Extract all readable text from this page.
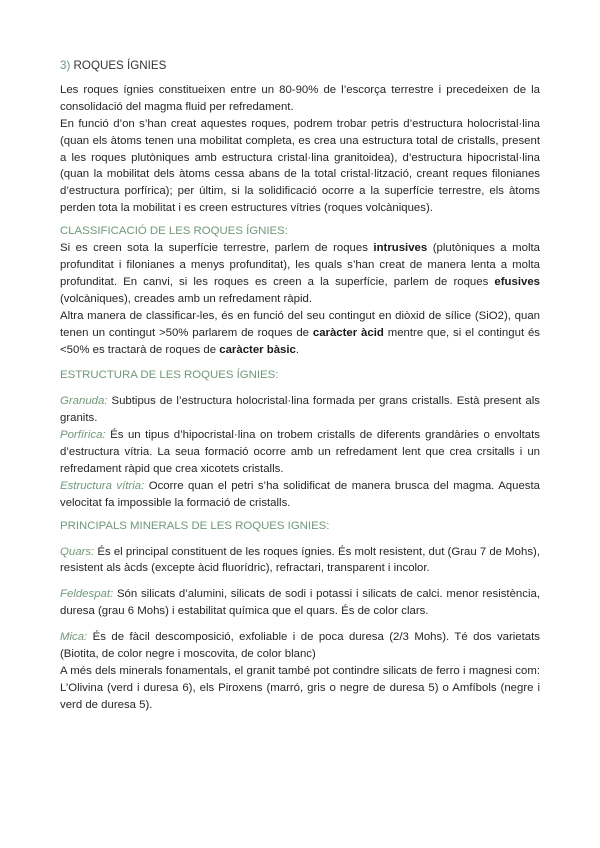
3) ROQUES ÍGNIES

Les roques ígnies constitueixen entre un 80-90% de l’escorça terrestre i precedeixen de la consolidació del magma fluid per refredament.

En funció d’on s’han creat aquestes roques, podrem trobar petris d’estructura holocristal·lina (quan els àtoms tenen una mobilitat completa, es crea una estructura total de cristalls, present a les roques plutòniques amb estructura cristal·lina granitoidea), d’estructura hipocristal·lina (quan la mobilitat dels àtoms cessa abans de la total cristal·lització, creant reques filonianes d’estructura porfírica); per últim, si la solidificació ocorre a la superfície terrestre, els àtoms perden tota la mobilitat i es creen estructures vítries (roques volcàniques).

CLASSIFICACIÓ DE LES ROQUES ÍGNIES:

Si es creen sota la superfície terrestre, parlem de roques intrusives (plutòniques a molta profunditat i filonianes a menys profunditat), les quals s’han creat de manera lenta a molta profunditat. En canvi, si les roques es creen a la superfície, parlem de roques efusives (volcàniques), creades amb un refredament ràpid.

Altra manera de classificar-les, és en funció del seu contingut en diòxid de sílice (SiO2), quan tenen un contingut >50% parlarem de roques de caràcter àcid mentre que, si el contingut és <50% es tractarà de roques de caràcter bàsic.

ESTRUCTURA DE LES ROQUES ÍGNIES:

Granuda: Subtipus de l’estructura holocristal·lina formada per grans cristalls. Està present als granits.

Porfírica: És un tipus d’hipocristal·lina on trobem cristalls de diferents grandàries o envoltats d’estructura vítria. La seua formació ocorre amb un refredament lent que crea crsitalls i un refredament ràpid que crea xicotets cristalls.

Estructura vítria: Ocorre quan el petri s’ha solidificat de manera brusca del magma. Aquesta velocitat fa impossible la formació de cristalls.

PRINCIPALS MINERALS DE LES ROQUES IGNIES:

Quars: És el principal constituent de les roques ígnies. És molt resistent, dut (Grau 7 de Mohs), resistent als àcds (excepte àcid fluorídric), refractari, transparent i incolor.

Feldespat: Són silicats d’alumini, silicats de sodi i potassi i silicats de calci. menor resistència, duresa (grau 6 Mohs) i estabilitat química que el quars. És de color clars.

Mica: És de fàcil descomposició, exfoliable i de poca duresa (2/3 Mohs). Té dos varietats (Biotita, de color negre i moscovita, de color blanc)

A més dels minerals fonamentals, el granit també pot contindre silicats de ferro i magnesi com: L’Olivina (verd i duresa 6), els Piroxens (marró, gris o negre de duresa 5) o Amfíbols (negre i verd de duresa 5).
